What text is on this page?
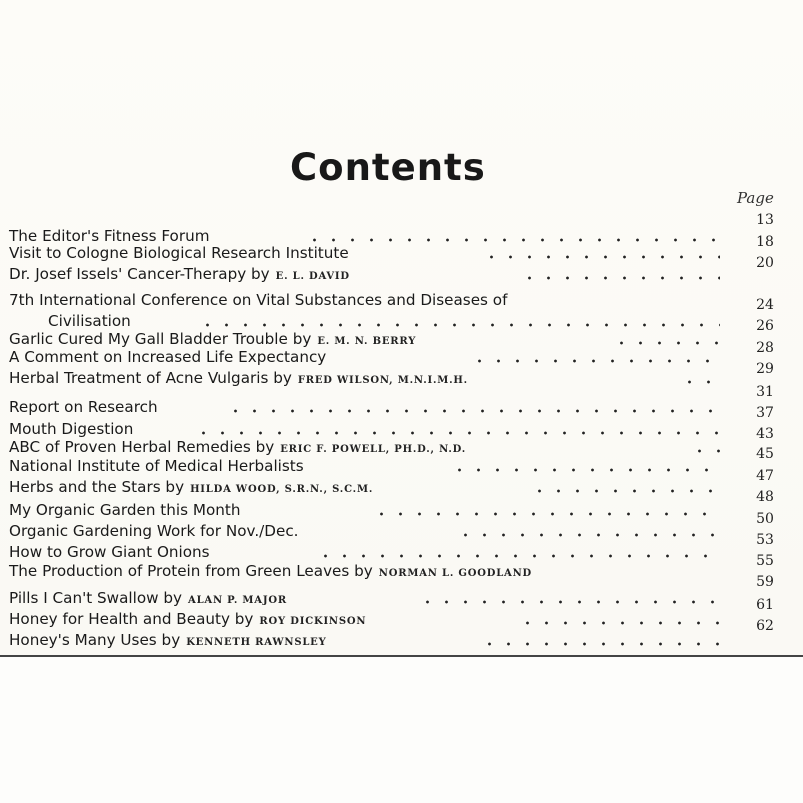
Contents
Page
The Editor's Fitness Forum
Visit to Cologne Biological Research Institute
Dr. Josef Issels' Cancer-Therapy by E. L. DAVID
7th International Conference on Vital Substances and Diseases of
Civilisation
Garlic Cured My Gall Bladder Trouble by E. M. N. BERRY
A Comment on Increased Life Expectancy
Herbal Treatment of Acne Vulgaris by FRED WILSON, M.N.I.M.H.
Report on Research
Mouth Digestion
ABC of Proven Herbal Remedies by ERIC F. POWELL, PH.D., N.D.
National Institute of Medical Herbalists
Herbs and the Stars by HILDA WOOD, S.R.N., S.C.M.
My Organic Garden this Month
Organic Gardening Work for Nov./Dec.
How to Grow Giant Onions
The Production of Protein from Green Leaves by NORMAN L. GOODLAND
Pills I Can't Swallow by ALAN P. MAJOR
Honey for Health and Beauty by ROY DICKINSON
Honey's Many Uses by KENNETH RAWNSLEY
13
18
20
24
26
28
29
31
37
43
45
47
48
50
53
55
59
61
62
